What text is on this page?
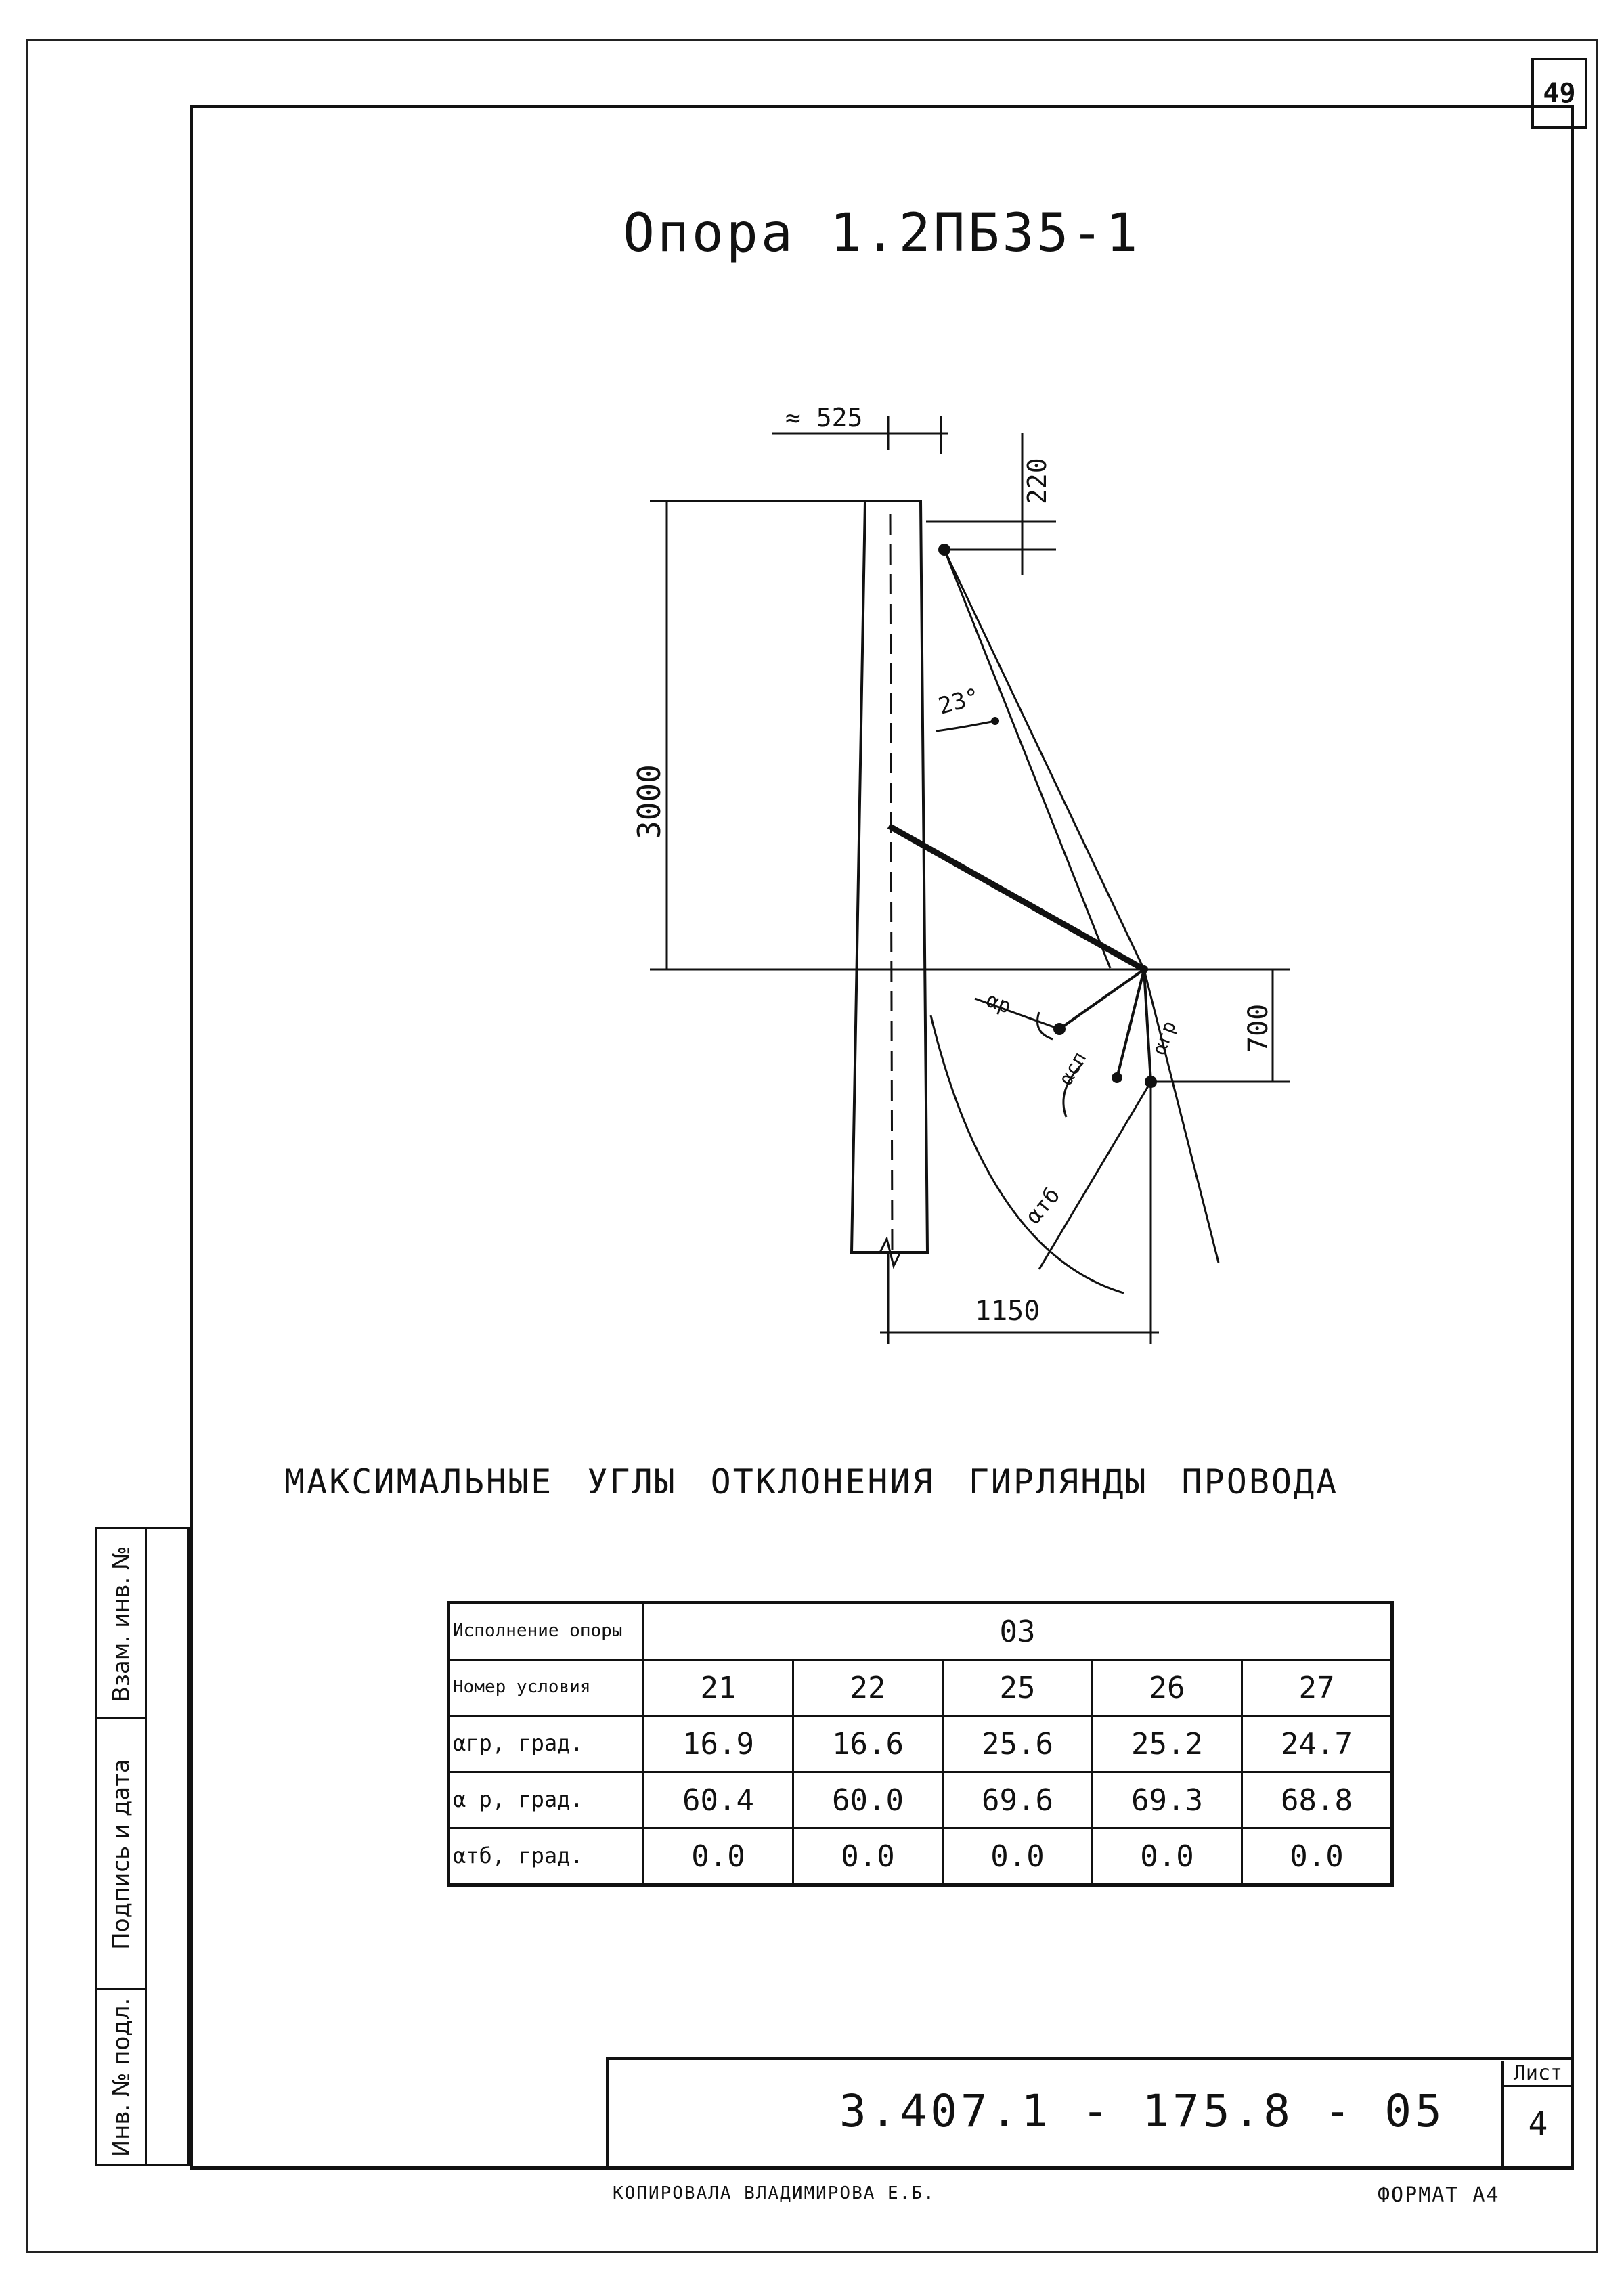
49
Опора 1.2ПБ35-1
≈ 525
220
3000
700
1150
23°
αр
αсп
αгр
αтб
МАКСИМАЛЬНЫЕ УГЛЫ ОТКЛОНЕНИЯ ГИРЛЯНДЫ ПРОВОДА
Исполнение опоры	03				
Номер условия	21	22	25	26	27
αгр, град.	16.9	16.6	25.6	25.2	24.7
α р, град.	60.4	60.0	69.6	69.3	68.8
αтб, град.	0.0	0.0	0.0	0.0	0.0
Взам. инв. №
Подпись и дата
Инв. № подл.	3.407.1 - 175.8 - 05
Лист
4
КОПИРОВАЛА ВЛАДИМИРОВА Е.Б.	ФОРМАТ А4
